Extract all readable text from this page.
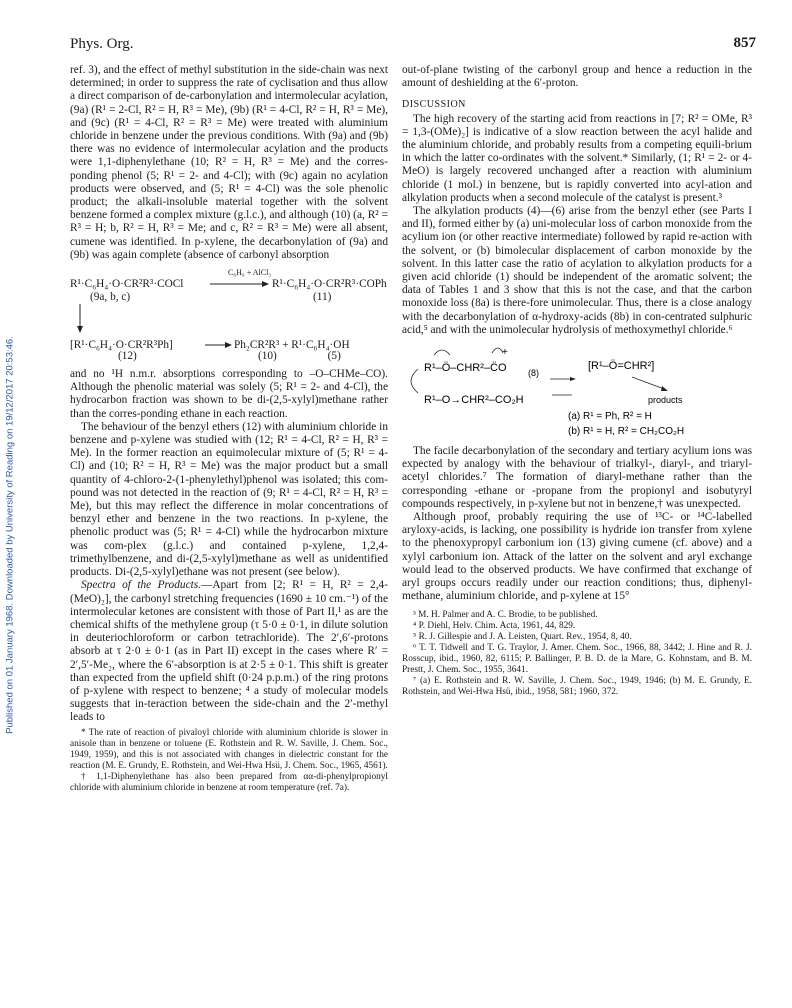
Phys. Org.	857
Published on 01 January 1968. Downloaded by University of Reading on 19/12/2017 20:53:46.

ref. 3), and the effect of methyl substitution in the side-chain was next determined; in order to suppress the rate of cyclisation and thus allow a direct comparison of de-carbonylation and intermolecular acylation, (9a) (R¹ = 2-Cl, R² = H, R³ = Me), (9b) (R¹ = 4-Cl, R² = H, R³ = Me), and (9c) (R¹ = 4-Cl, R² = R³ = Me) were treated with aluminium chloride in benzene under the previous conditions. With (9a) and (9b) there was no evidence of intermolecular acylation and the products were 1,1-diphenylethane (10; R² = H, R³ = Me) and the corres-ponding phenol (5; R¹ = 2- and 4-Cl); with (9c) again no acylation products were observed, and (5; R¹ = 4-Cl) was the sole phenolic product; the alkali-insoluble material together with the solvent benzene formed a complex mixture (g.l.c.), and although (10) (a, R² = R³ = H; b, R² = H, R³ = Me; and c, R² = R³ = Me) were all absent, cumene was identified. In p-xylene, the decarbonylation of (9a) and (9b) was again complete (absence of carbonyl absorption

R¹·C₆H₄·O·CR²R³·COCl
(9a, b, c)
C₆H₆ + AlCl₃
R¹·C₆H₄·O·CR²R³·COPh
(11)
[R¹·C₆H₄·O·CR²R³Ph]
(12)
Ph₂CR²R³ + R¹·C₆H₄·OH
(10)                  (5)

and no ¹H n.m.r. absorptions corresponding to –O–CHMe–CO). Although the phenolic material was solely (5; R¹ = 2- and 4-Cl), the hydrocarbon fraction was shown to be di-(2,5-xylyl)methane rather than the corres-ponding ethane in each reaction.

The behaviour of the benzyl ethers (12) with aluminium chloride in benzene and p-xylene was studied with (12; R¹ = 4-Cl, R² = H, R³ = Me). In the former reaction an equimolecular mixture of (5; R¹ = 4-Cl) and (10; R² = H, R³ = Me) was the major product but a small quantity of 4-chloro-2-(1-phenylethyl)phenol was isolated; this com-pound was not detected in the reaction of (9; R¹ = 4-Cl, R² = H, R³ = Me), but this may reflect the difference in molar concentrations of benzyl ether and benzene in the two reactions. In p-xylene, the phenolic product was (5; R¹ = 4-Cl) while the hydrocarbon mixture was com-plex (g.l.c.) and contained p-xylene, 1,2,4-trimethylbenzene, and di-(2,5-xylyl)methane as well as unidentified products. Di-(2,5-xylyl)ethane was not present (see below).

Spectra of the Products.—Apart from [2; R¹ = H, R² = 2,4-(MeO)₂], the carbonyl stretching frequencies (1690 ± 10 cm.⁻¹) of the intermolecular ketones are consistent with those of Part II,¹ as are the chemical shifts of the methylene group (τ 5·0 ± 0·1, in dilute solution in deuteriochloroform or carbon tetrachloride). The 2′,6′-protons absorb at τ 2·0 ± 0·1 (as in Part II) except in the cases where R′ = 2′,5′-Me₂, where the 6′-absorption is at 2·5 ± 0·1. This shift is greater than expected from the upfield shift (0·24 p.p.m.) of the ring protons of p-xylene with respect to benzene; ⁴ a study of molecular models suggests that in-teraction between the side-chain and the 2′-methyl leads to

* The rate of reaction of pivaloyl chloride with aluminium chloride is slower in anisole than in benzene or toluene (E. Rothstein and R. W. Saville, J. Chem. Soc., 1949, 1959), and this is not associated with changes in dielectric constant for the reaction (M. E. Grundy, E. Rothstein, and Wei-Hwa Hsü, J. Chem. Soc., 1965, 4561).

† 1,1-Diphenylethane has also been prepared from αα-di-phenylpropionyl chloride with aluminium chloride in benzene at room temperature (ref. 7a).

out-of-plane twisting of the carbonyl group and hence a reduction in the amount of deshielding at the 6′-proton.

DISCUSSION

The high recovery of the starting acid from reactions in [7; R² = OMe, R³ = 1,3-(OMe)₂] is indicative of a slow reaction between the acyl halide and the aluminium chloride, and probably results from a competing equili-brium in which the latter co-ordinates with the solvent.* Similarly, (1; R¹ = 2- or 4-MeO) is largely recovered unchanged after a reaction with aluminium chloride (1 mol.) in benzene, but is rapidly converted into acyl-ation and alkylation products when a second molecule of the catalyst is present.³

The alkylation products (4)—(6) arise from the benzyl ether (see Parts I and II), formed either by (a) uni-molecular loss of carbon monoxide from the acylium ion (or other reactive intermediate) followed by rapid re-action with the solvent, or (b) bimolecular displacement of carbon monoxide by the solvent. In this latter case the ratio of acylation to alkylation products for a given acid chloride (1) should be independent of the aromatic solvent; the data of Tables 1 and 3 show that this is not the case, and that the carbon monoxide loss (8a) is there-fore unimolecular. Thus, there is a close analogy with the decarbonylation of α-hydroxy-acids (8b) in con-centrated sulphuric acid,⁵ and with the unimolecular hydrolysis of methoxymethyl chloride.⁶

R¹–Ö–CHR²–C̈O
+
(8)
[R¹–Ö=CHR²]
R¹–O→CHR²–CO₂H	products
(a) R¹ = Ph, R² = H
(b) R¹ = H, R² = CH₂CO₂H

The facile decarbonylation of the secondary and tertiary acylium ions was expected by analogy with the behaviour of trialkyl-, diaryl-, and triaryl-acetyl chlorides.⁷ The formation of diaryl-methane rather than the corresponding -ethane or -propane from the propionyl and isobutyryl compounds respectively, in p-xylene but not in benzene,† was unexpected.

Although proof, probably requiring the use of ¹³C- or ¹⁴C-labelled aryloxy-acids, is lacking, one possibility is hydride ion transfer from xylene to the phenoxypropyl carbonium ion (13) giving cumene (cf. above) and a xylyl carbonium ion. Attack of the latter on the solvent and aryl exchange would lead to the observed products. We have confirmed that exchange of aryl groups occurs readily under our reaction conditions; thus, diphenyl-methane, aluminium chloride, and p-xylene at 15°

³ M. H. Palmer and A. C. Brodie, to be published.

⁴ P. Diehl, Helv. Chim. Acta, 1961, 44, 829.

⁵ R. J. Gillespie and J. A. Leisten, Quart. Rev., 1954, 8, 40.

⁶ T. T. Tidwell and T. G. Traylor, J. Amer. Chem. Soc., 1966, 88, 3442; J. Hine and R. J. Rosscup, ibid., 1960, 82, 6115; P. Ballinger, P. B. D. de la Mare, G. Kohnstam, and B. M. Prestt, J. Chem. Soc., 1955, 3641.

⁷ (a) E. Rothstein and R. W. Saville, J. Chem. Soc., 1949, 1946; (b) M. E. Grundy, E. Rothstein, and Wei-Hwa Hsü, ibid., 1958, 581; 1960, 372.
